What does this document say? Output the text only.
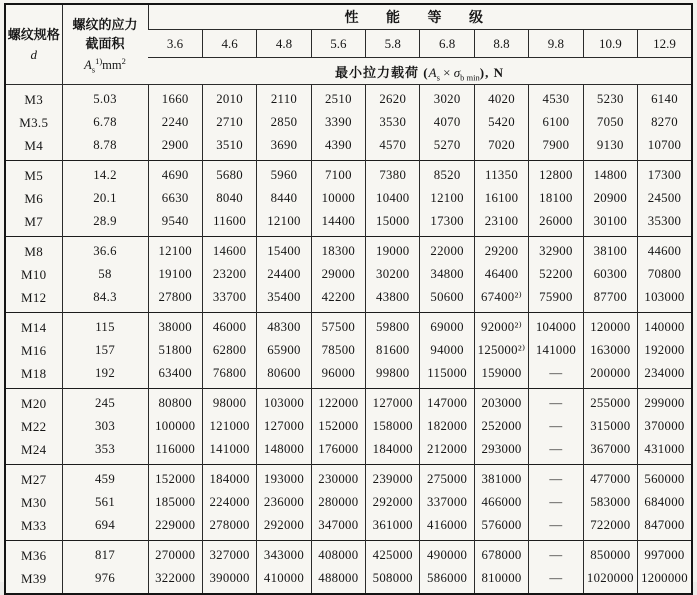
螺纹规格
d

螺纹的应力
截面积
$A_s^{1)}mm^2$
	性 能 等 级
		3.6	4.6	4.8	5.6	5.8	6.8	8.8	9.8	10.9	12.9
		最小拉力载荷 $(A_s \times \sigma_{b min})$, N									
M3	5.03	1660	2010	2110	2510	2620	3020	4020	4530	5230	6140
M3.5	6.78	2240	2710	2850	3390	3530	4070	5420	6100	7050	8270
M4	8.78	2900	3510	3690	4390	4570	5270	7020	7900	9130	10700
M5	14.2	4690	5680	5960	7100	7380	8520	11350	12800	14800	17300
M6	20.1	6630	8040	8440	10000	10400	12100	16100	18100	20900	24500
M7	28.9	9540	11600	12100	14400	15000	17300	23100	26000	30100	35300
M8	36.6	12100	14600	15400	18300	19000	22000	29200	32900	38100	44600
M10	58	19100	23200	24400	29000	30200	34800	46400	52200	60300	70800
M12	84.3	27800	33700	35400	42200	43800	50600	67400²⁾	75900	87700	103000
M14	115	38000	46000	48300	57500	59800	69000	92000²⁾	104000	120000	140000
M16	157	51800	62800	65900	78500	81600	94000	125000²⁾	141000	163000	192000
M18	192	63400	76800	80600	96000	99800	115000	159000	—	200000	234000
M20	245	80800	98000	103000	122000	127000	147000	203000	—	255000	299000
M22	303	100000	121000	127000	152000	158000	182000	252000	—	315000	370000
M24	353	116000	141000	148000	176000	184000	212000	293000	—	367000	431000
M27	459	152000	184000	193000	230000	239000	275000	381000	—	477000	560000
M30	561	185000	224000	236000	280000	292000	337000	466000	—	583000	684000
M33	694	229000	278000	292000	347000	361000	416000	576000	—	722000	847000
M36	817	270000	327000	343000	408000	425000	490000	678000	—	850000	997000
M39	976	322000	390000	410000	488000	508000	586000	810000	—	1020000	1200000
